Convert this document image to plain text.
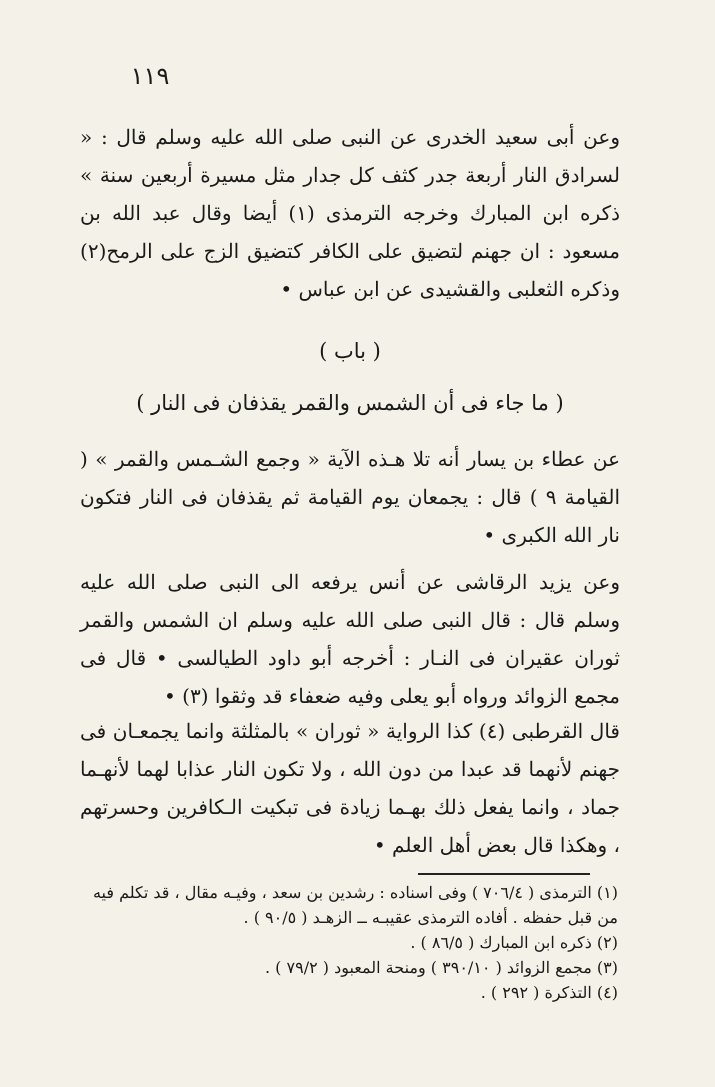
١١٩

وعن أبى سعيد الخدرى عن النبى صلى الله عليه وسلم قال : « لسرادق النار أربعة جدر كثف كل جدار مثل مسيرة أربعين سنة » ذكره ابن المبارك وخرجه الترمذى (١) أيضا وقال عبد الله بن مسعود : ان جهنم لتضيق على الكافر كتضيق الزج على الرمح(٢) وذكره الثعلبى والقشيدى عن ابن عباس •

( باب )

( ما جاء فى أن الشمس والقمر يقذفان فى النار )

عن عطاء بن يسار أنه تلا هـذه الآية « وجمع الشـمس والقمر » ( القيامة ٩ ) قال : يجمعان يوم القيامة ثم يقذفان فى النار فتكون نار الله الكبرى •

وعن يزيد الرقاشى عن أنس يرفعه الى النبى صلى الله عليه وسلم قال : قال النبى صلى الله عليه وسلم ان الشمس والقمر ثوران عقيران فى النـار : أخرجه أبو داود الطيالسى • قال فى مجمع الزوائد ورواه أبو يعلى وفيه ضعفاء قد وثقوا (٣) •

قال القرطبى (٤) كذا الرواية « ثوران » بالمثلثة وانما يجمعـان فى جهنم لأنهما قد عبدا من دون الله ، ولا تكون النار عذابا لهما لأنهـما جماد ، وانما يفعل ذلك بهـما زيادة فى تبكيت الـكافرين وحسرتهم ، وهكذا قال بعض أهل العلم •

(١) الترمذى ( ٧٠٦/٤ ) وفى اسناده : رشدين بن سعد ، وفيـه مقال ، قد تكلم فيه من قبل حفظه . أفاده الترمذى عقيبـه ــ الزهـد ( ٩٠/٥ ) .
(٢) ذكره ابن المبارك ( ٨٦/٥ ) .
(٣) مجمع الزوائد ( ٣٩٠/١٠ ) ومنحة المعبود ( ٧٩/٢ ) .
(٤) التذكرة ( ٢٩٢ ) .
